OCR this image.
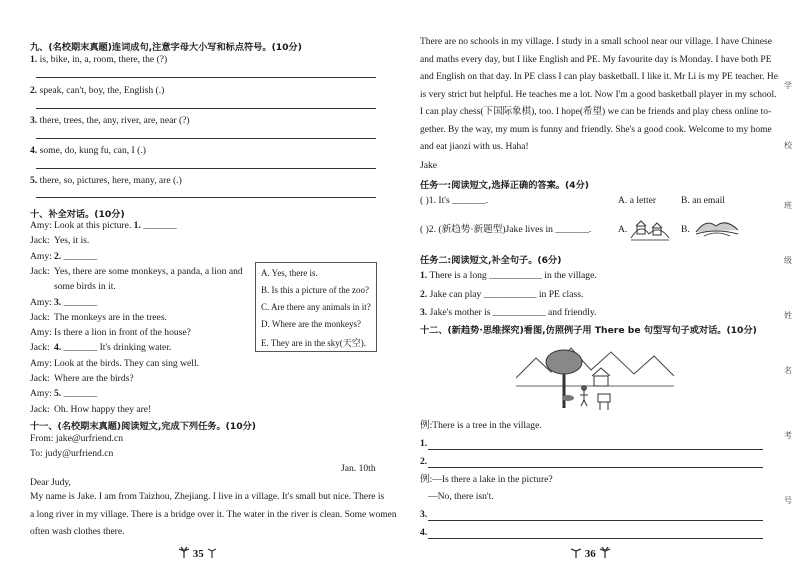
九、(名校期末真题)连词成句,注意字母大小写和标点符号。(10分)
1. is, bike, in, a, room, there, the (?)
2. speak, can't, boy, the, English (.)
3. there, trees, the, any, river, are, near (?)
4. some, do, kung fu, can, I (.)
5. there, so, pictures, here, many, are (.)
十、补全对话。(10分)
Amy: Look at this picture. 1. _______
Jack: Yes, it is.
Amy: 2. _______
Jack: Yes, there are some monkeys, a panda, a lion and
some birds in it.
Amy: 3. _______
Jack: The monkeys are in the trees.
Amy: Is there a lion in front of the house?
Jack: 4. _______ It's drinking water.
Amy: Look at the birds. They can sing well.
Jack: Where are the birds?
Amy: 5. _______
Jack: Oh. How happy they are!
A. Yes, there is.
B. Is this a picture of the zoo?
C. Are there any animals in it?
D. Where are the monkeys?
E. They are in the sky(天空).
十一、(名校期末真题)阅读短文,完成下列任务。(10分)
From: jake@urfriend.cn
To: judy@urfriend.cn
Jan. 10th
Dear Judy,
My name is Jake. I am from Taizhou, Zhejiang. I live in a village. It's small but nice. There is
a long river in my village. There is a bridge over it. The water in the river is clean. Some women
often wash clothes there.
35
There are no schools in my village. I study in a small school near our village. I have Chinese
and maths every day, but I like English and PE. My favourite day is Monday. I have both PE
and English on that day. In PE class I can play basketball. I like it. Mr Li is my PE teacher. He
is very strict but helpful. He teaches me a lot. Now I'm a good basketball player in my school.
I can play chess(下国际象棋), too. I hope(希望) we can be friends and play chess online to-
gether. By the way, my mum is funny and friendly. She's a good cook. Welcome to my home
and eat jiaozi with us. Haha!
Jake
任务一:阅读短文,选择正确的答案。(4分)
( )1. It's _______.	A. a letter	B. an email
( )2. (新趋势·新题型)Jake lives in _______.	A.	B.
任务二:阅读短文,补全句子。(6分)
1. There is a long ___________ in the village.
2. Jake can play ___________ in PE class.
3. Jake's mother is ___________ and friendly.
十二、(新趋势·思维探究)看图,仿照例子用 There be 句型写句子或对话。(10分)
例:There is a tree in the village.
1.
2.
例:—Is there a lake in the picture?
—No, there isn't.
3.
4.
36
学
校
班
级
姓
名
考
号
